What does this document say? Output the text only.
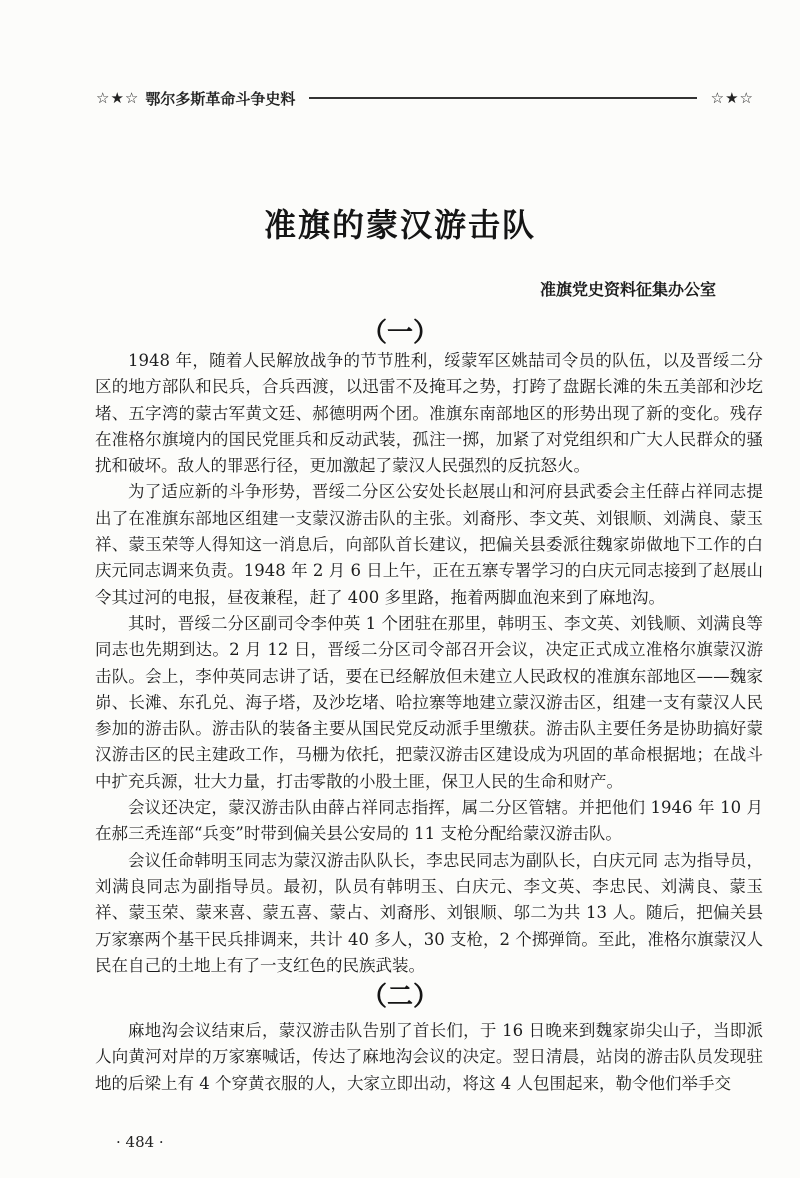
☆★☆ 鄂尔多斯革命斗争史料	☆★☆
准旗的蒙汉游击队
准旗党史资料征集办公室
（一）

1948 年，随着人民解放战争的节节胜利，绥蒙军区姚喆司令员的队伍，以及晋绥二分区的地方部队和民兵，合兵西渡，以迅雷不及掩耳之势，打跨了盘踞长滩的朱五美部和沙圪堵、五字湾的蒙古军黄文廷、郝德明两个团。准旗东南部地区的形势出现了新的变化。残存在准格尔旗境内的国民党匪兵和反动武装，孤注一掷，加紧了对党组织和广大人民群众的骚扰和破坏。敌人的罪恶行径，更加激起了蒙汉人民强烈的反抗怒火。

为了适应新的斗争形势，晋绥二分区公安处长赵展山和河府县武委会主任薛占祥同志提出了在准旗东部地区组建一支蒙汉游击队的主张。刘裔彤、李文英、刘银顺、刘满良、蒙玉祥、蒙玉荣等人得知这一消息后，向部队首长建议，把偏关县委派往魏家峁做地下工作的白庆元同志调来负责。1948 年 2 月 6 日上午，正在五寨专署学习的白庆元同志接到了赵展山令其过河的电报，昼夜兼程，赶了 400 多里路，拖着两脚血泡来到了麻地沟。

其时，晋绥二分区副司令李仲英 1 个团驻在那里，韩明玉、李文英、刘钱顺、刘满良等同志也先期到达。2 月 12 日，晋绥二分区司令部召开会议，决定正式成立准格尔旗蒙汉游击队。会上，李仲英同志讲了话，要在已经解放但未建立人民政权的准旗东部地区——魏家峁、长滩、东孔兑、海子塔，及沙圪堵、哈拉寨等地建立蒙汉游击区，组建一支有蒙汉人民参加的游击队。游击队的装备主要从国民党反动派手里缴获。游击队主要任务是协助搞好蒙汉游击区的民主建政工作，马栅为依托，把蒙汉游击区建设成为巩固的革命根据地；在战斗中扩充兵源，壮大力量，打击零散的小股土匪，保卫人民的生命和财产。

会议还决定，蒙汉游击队由薛占祥同志指挥，属二分区管辖。并把他们 1946 年 10 月在郝三秃连部“兵变”时带到偏关县公安局的 11 支枪分配给蒙汉游击队。

会议任命韩明玉同志为蒙汉游击队队长，李忠民同志为副队长，白庆元同 志为指导员，刘满良同志为副指导员。最初，队员有韩明玉、白庆元、李文英、李忠民、刘满良、蒙玉祥、蒙玉荣、蒙来喜、蒙五喜、蒙占、刘裔彤、刘银顺、邬二为共 13 人。随后，把偏关县万家寨两个基干民兵排调来，共计 40 多人，30 支枪，2 个掷弹筒。至此，准格尔旗蒙汉人民在自己的土地上有了一支红色的民族武装。

（二）

麻地沟会议结束后，蒙汉游击队告别了首长们，于 16 日晚来到魏家峁尖山子，当即派人向黄河对岸的万家寨喊话，传达了麻地沟会议的决定。翌日清晨，站岗的游击队员发现驻地的后梁上有 4 个穿黄衣服的人，大家立即出动，将这 4 人包围起来，勒令他们举手交

· 484 ·
